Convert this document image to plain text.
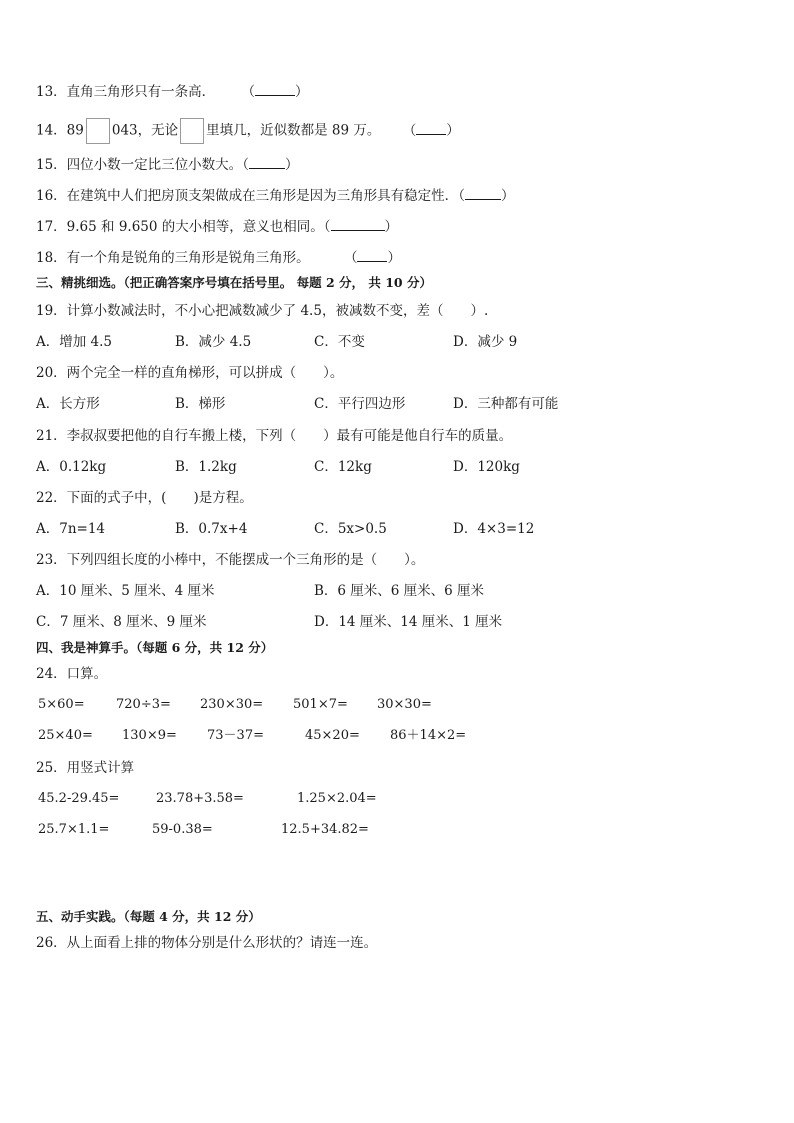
13．直角三角形只有一条高． （	）
14．89 043，无论 里填几，近似数都是 89 万。 （ ）
15．四位小数一定比三位小数大。（	）
16．在建筑中人们把房顶支架做成在三角形是因为三角形具有稳定性．（	）
17．9.65 和 9.650 的大小相等，意义也相同。（	）
18．有一个角是锐角的三角形是锐角三角形。	（ ）
三、精挑细选。（把正确答案序号填在括号里。 每题 2 分， 共 10 分）
19．计算小数减法时，不小心把减数减少了 4.5，被减数不变，差（　　）.
A．增加 4.5	B．减少 4.5	C．不变	D．减少 9
20．两个完全一样的直角梯形，可以拼成（　　）。
A．长方形	B．梯形	C．平行四边形	D．三种都有可能
21．李叔叔要把他的自行车搬上楼，下列（　　）最有可能是他自行车的质量。
A．0.12kg	B．1.2kg	C．12kg	D．120kg
22．下面的式子中，(　　)是方程。
A．7n=14	B．0.7x+4	C．5x>0.5	D．4×3=12
23．下列四组长度的小棒中，不能摆成一个三角形的是（　　）。
A．10 厘米、5 厘米、4 厘米	B．6 厘米、6 厘米、6 厘米
C．7 厘米、8 厘米、9 厘米	D．14 厘米、14 厘米、1 厘米
四、我是神算手。（每题 6 分，共 12 分）
24．口算。
5×60= 720÷3= 230×30= 501×7= 30×30=
25×40= 130×9= 73－37=	45×20= 86＋14×2=
25．用竖式计算
45.2-29.45=	23.78+3.58=	1.25×2.04=
25.7×1.1=	59-0.38=	12.5+34.82=
五、动手实践。（每题 4 分，共 12 分）
26．从上面看上排的物体分别是什么形状的？请连一连。
